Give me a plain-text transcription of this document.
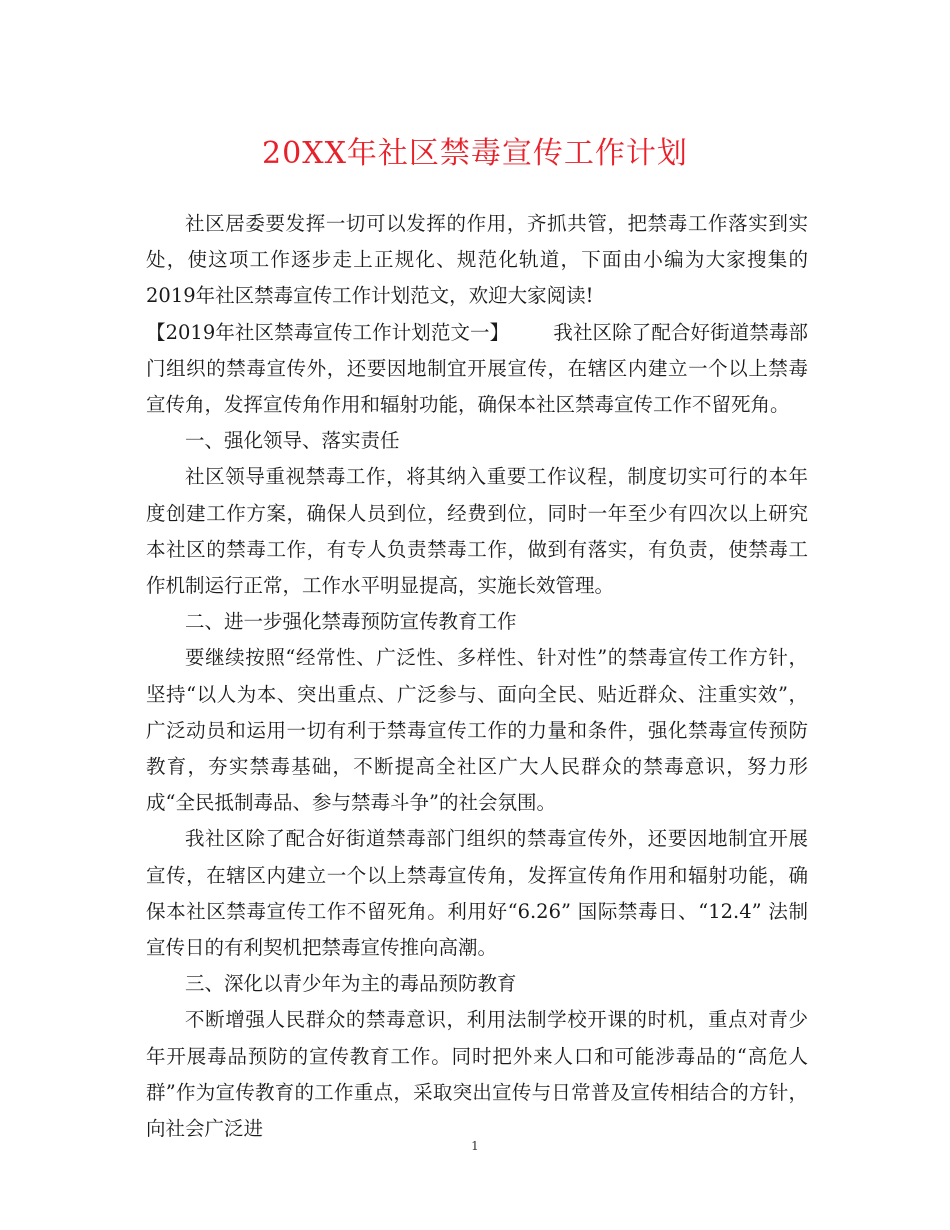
20XX年社区禁毒宣传工作计划

社区居委要发挥一切可以发挥的作用，齐抓共管，把禁毒工作落实到实处，使这项工作逐步走上正规化、规范化轨道，下面由小编为大家搜集的2019年社区禁毒宣传工作计划范文，欢迎大家阅读!

【2019年社区禁毒宣传工作计划范文一】 我社区除了配合好街道禁毒部门组织的禁毒宣传外，还要因地制宜开展宣传，在辖区内建立一个以上禁毒宣传角，发挥宣传角作用和辐射功能，确保本社区禁毒宣传工作不留死角。

一、强化领导、落实责任

社区领导重视禁毒工作，将其纳入重要工作议程，制度切实可行的本年度创建工作方案，确保人员到位，经费到位，同时一年至少有四次以上研究本社区的禁毒工作，有专人负责禁毒工作，做到有落实，有负责，使禁毒工作机制运行正常，工作水平明显提高，实施长效管理。

二、进一步强化禁毒预防宣传教育工作

要继续按照“经常性、广泛性、多样性、针对性”的禁毒宣传工作方针，坚持“以人为本、突出重点、广泛参与、面向全民、贴近群众、注重实效”，广泛动员和运用一切有利于禁毒宣传工作的力量和条件，强化禁毒宣传预防教育，夯实禁毒基础，不断提高全社区广大人民群众的禁毒意识，努力形成“全民抵制毒品、参与禁毒斗争”的社会氛围。

我社区除了配合好街道禁毒部门组织的禁毒宣传外，还要因地制宜开展宣传，在辖区内建立一个以上禁毒宣传角，发挥宣传角作用和辐射功能，确保本社区禁毒宣传工作不留死角。利用好“6.26” 国际禁毒日、“12.4” 法制宣传日的有利契机把禁毒宣传推向高潮。

三、深化以青少年为主的毒品预防教育

不断增强人民群众的禁毒意识，利用法制学校开课的时机，重点对青少年开展毒品预防的宣传教育工作。同时把外来人口和可能涉毒品的“高危人群”作为宣传教育的工作重点，采取突出宣传与日常普及宣传相结合的方针，向社会广泛进

1
